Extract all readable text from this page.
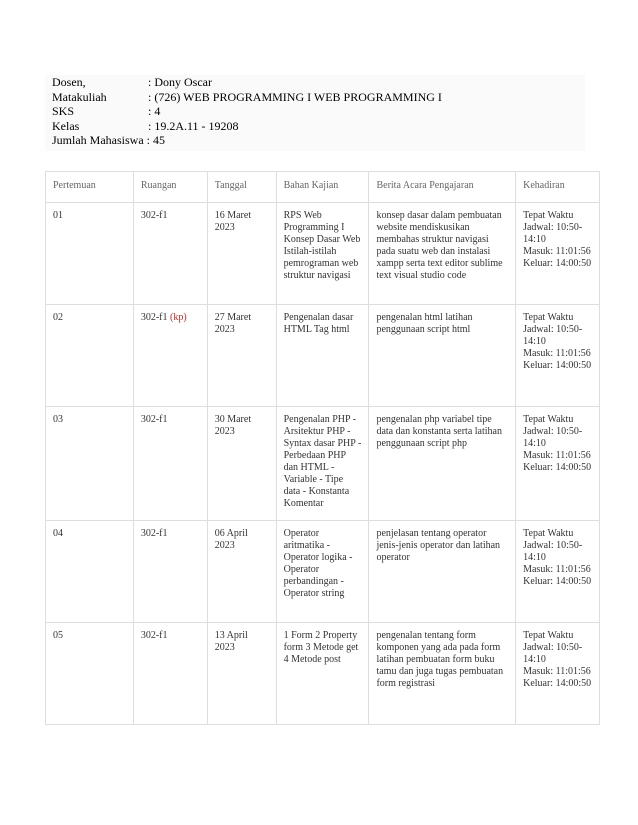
Dosen,	: Dony Oscar
Matakuliah	: (726) WEB PROGRAMMING I WEB PROGRAMMING I
SKS	: 4
Kelas	: 19.2A.11 - 19208
Jumlah Mahasiswa : 45
Pertemuan	Ruangan	Tanggal	Bahan Kajian	Berita Acara Pengajaran	Kehadiran
01	302-f1	16 Maret 2023	RPS Web Programming I Konsep Dasar Web Istilah-istilah pemrograman web struktur navigasi	konsep dasar dalam pembuatan website mendiskusikan membahas struktur navigasi pada suatu web dan instalasi xampp serta text editor sublime text visual studio code	Tepat Waktu
Jadwal: 10:50-14:10
Masuk: 11:01:56
Keluar: 14:00:50

02	302-f1 (kp)	27 Maret 2023	Pengenalan dasar HTML Tag html	pengenalan html latihan penggunaan script html	Tepat Waktu
Jadwal: 10:50-14:10
Masuk: 11:01:56
Keluar: 14:00:50

03	302-f1	30 Maret 2023	Pengenalan PHP - Arsitektur PHP - Syntax dasar PHP - Perbedaan PHP dan HTML - Variable - Tipe data - Konstanta Komentar	pengenalan php variabel tipe data dan konstanta serta latihan penggunaan script php	Tepat Waktu
Jadwal: 10:50-14:10
Masuk: 11:01:56
Keluar: 14:00:50

04	302-f1	06 April 2023	Operator aritmatika - Operator logika - Operator perbandingan - Operator string	penjelasan tentang operator jenis-jenis operator dan latihan operator	Tepat Waktu
Jadwal: 10:50-14:10
Masuk: 11:01:56
Keluar: 14:00:50

05	302-f1	13 April 2023	1 Form 2 Property form 3 Metode get 4 Metode post	pengenalan tentang form komponen yang ada pada form latihan pembuatan form buku tamu dan juga tugas pembuatan form registrasi	Tepat Waktu
Jadwal: 10:50-14:10
Masuk: 11:01:56
Keluar: 14:00:50
